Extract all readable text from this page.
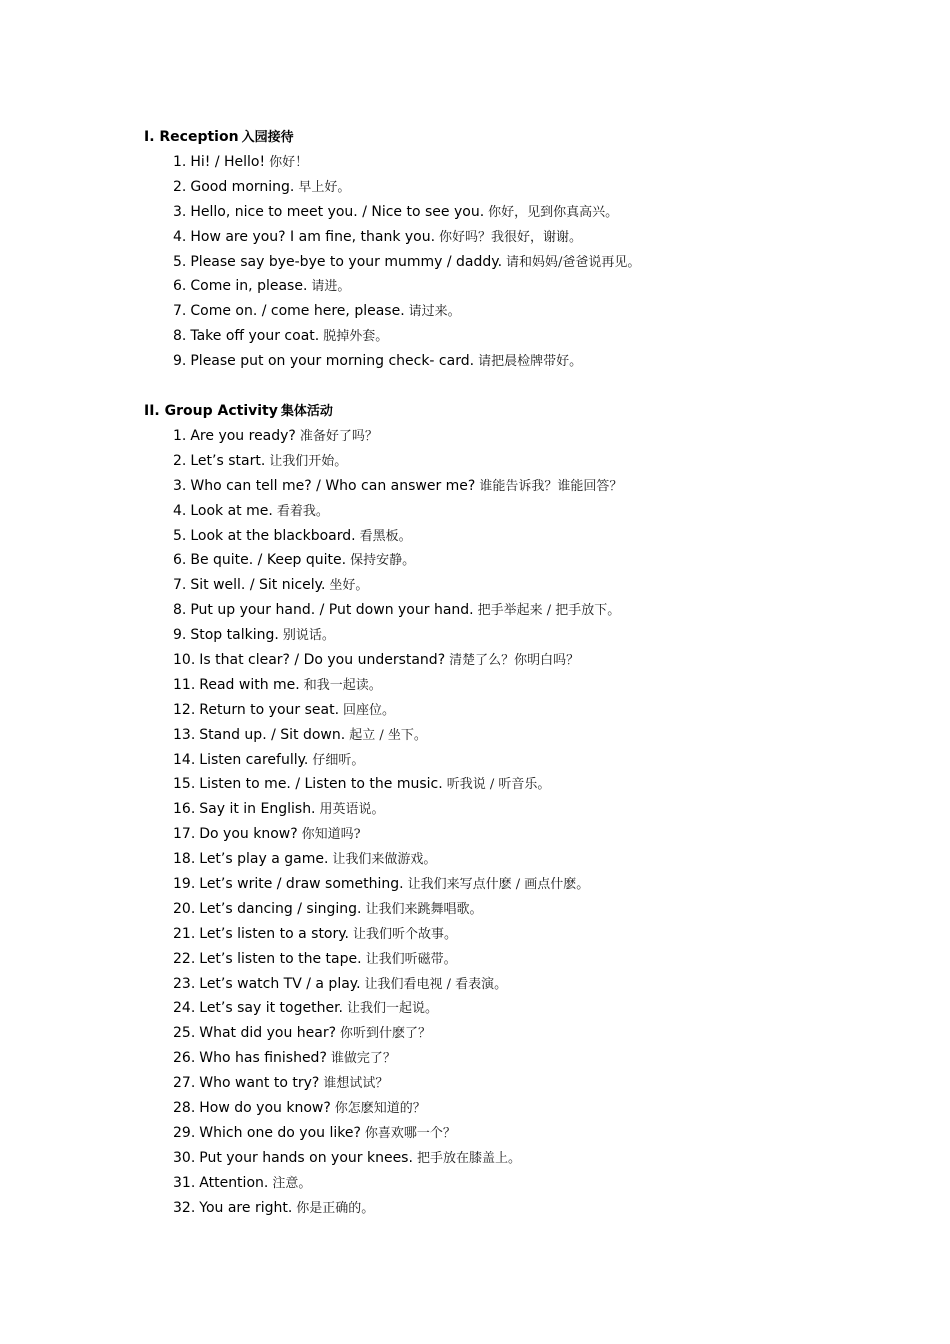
I. Reception 入园接待
1. Hi! / Hello! 你好！
2. Good morning. 早上好。
3. Hello, nice to meet you. / Nice to see you. 你好，见到你真高兴。
4. How are you? I am fine, thank you. 你好吗？我很好，谢谢。
5. Please say bye-bye to your mummy / daddy. 请和妈妈/爸爸说再见。
6. Come in, please. 请进。
7. Come on. / come here, please. 请过来。
8. Take off your coat. 脱掉外套。
9. Please put on your morning check- card. 请把晨检牌带好。
II. Group Activity 集体活动
1. Are you ready? 准备好了吗？
2. Let’s start. 让我们开始。
3. Who can tell me? / Who can answer me? 谁能告诉我？谁能回答？
4. Look at me. 看着我。
5. Look at the blackboard. 看黑板。
6. Be quite. / Keep quite. 保持安静。
7. Sit well. / Sit nicely. 坐好。
8. Put up your hand. / Put down your hand. 把手举起来 / 把手放下。
9. Stop talking. 别说话。
10. Is that clear? / Do you understand? 清楚了么？你明白吗？
11. Read with me. 和我一起读。
12. Return to your seat. 回座位。
13. Stand up. / Sit down. 起立 / 坐下。
14. Listen carefully. 仔细听。
15. Listen to me. / Listen to the music. 听我说 / 听音乐。
16. Say it in English. 用英语说。
17. Do you know? 你知道吗?
18. Let’s play a game. 让我们来做游戏。
19. Let’s write / draw something. 让我们来写点什麽 / 画点什麽。
20. Let’s dancing / singing. 让我们来跳舞唱歌。
21. Let’s listen to a story. 让我们听个故事。
22. Let’s listen to the tape. 让我们听磁带。
23. Let’s watch TV / a play. 让我们看电视 / 看表演。
24. Let’s say it together. 让我们一起说。
25. What did you hear? 你听到什麽了？
26. Who has finished? 谁做完了？
27. Who want to try? 谁想试试？
28. How do you know? 你怎麽知道的？
29. Which one do you like? 你喜欢哪一个？
30. Put your hands on your knees. 把手放在膝盖上。
31. Attention. 注意。
32. You are right. 你是正确的。
